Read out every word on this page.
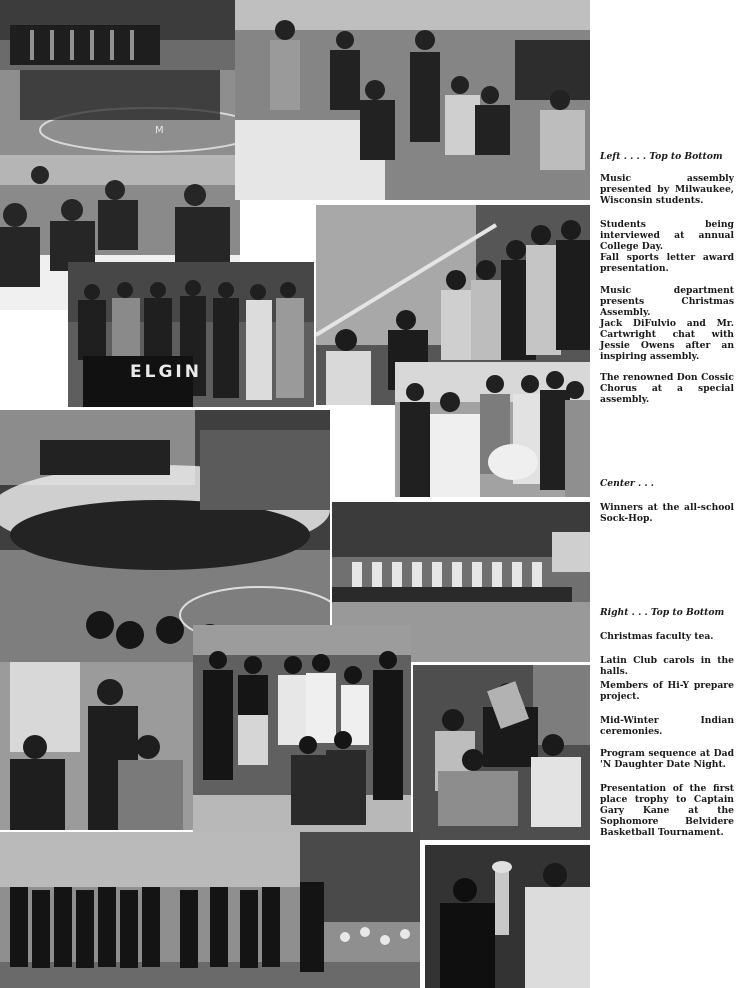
M
ELGIN
Left . . . . Top to Bottom
Music assembly presented by Milwaukee, Wisconsin students.
Students being interviewed at annual College Day.
Fall sports letter award presentation.
Music department presents Christmas Assembly.
Jack DiFulvio and Mr. Cartwright chat with Jessie Owens after an inspiring assembly.
The renowned Don Cossic Chorus at a special assembly.
Center . . .
Winners at the all-school Sock-Hop.
Right . . . Top to Bottom
Christmas faculty tea.
Latin Club carols in the halls.
Members of Hi-Y prepare project.
Mid-Winter Indian ceremonies.
Program sequence at Dad 'N Daughter Date Night.
Presentation of the first place trophy to Captain Gary Kane at the Sophomore Belvidere Basketball Tournament.
